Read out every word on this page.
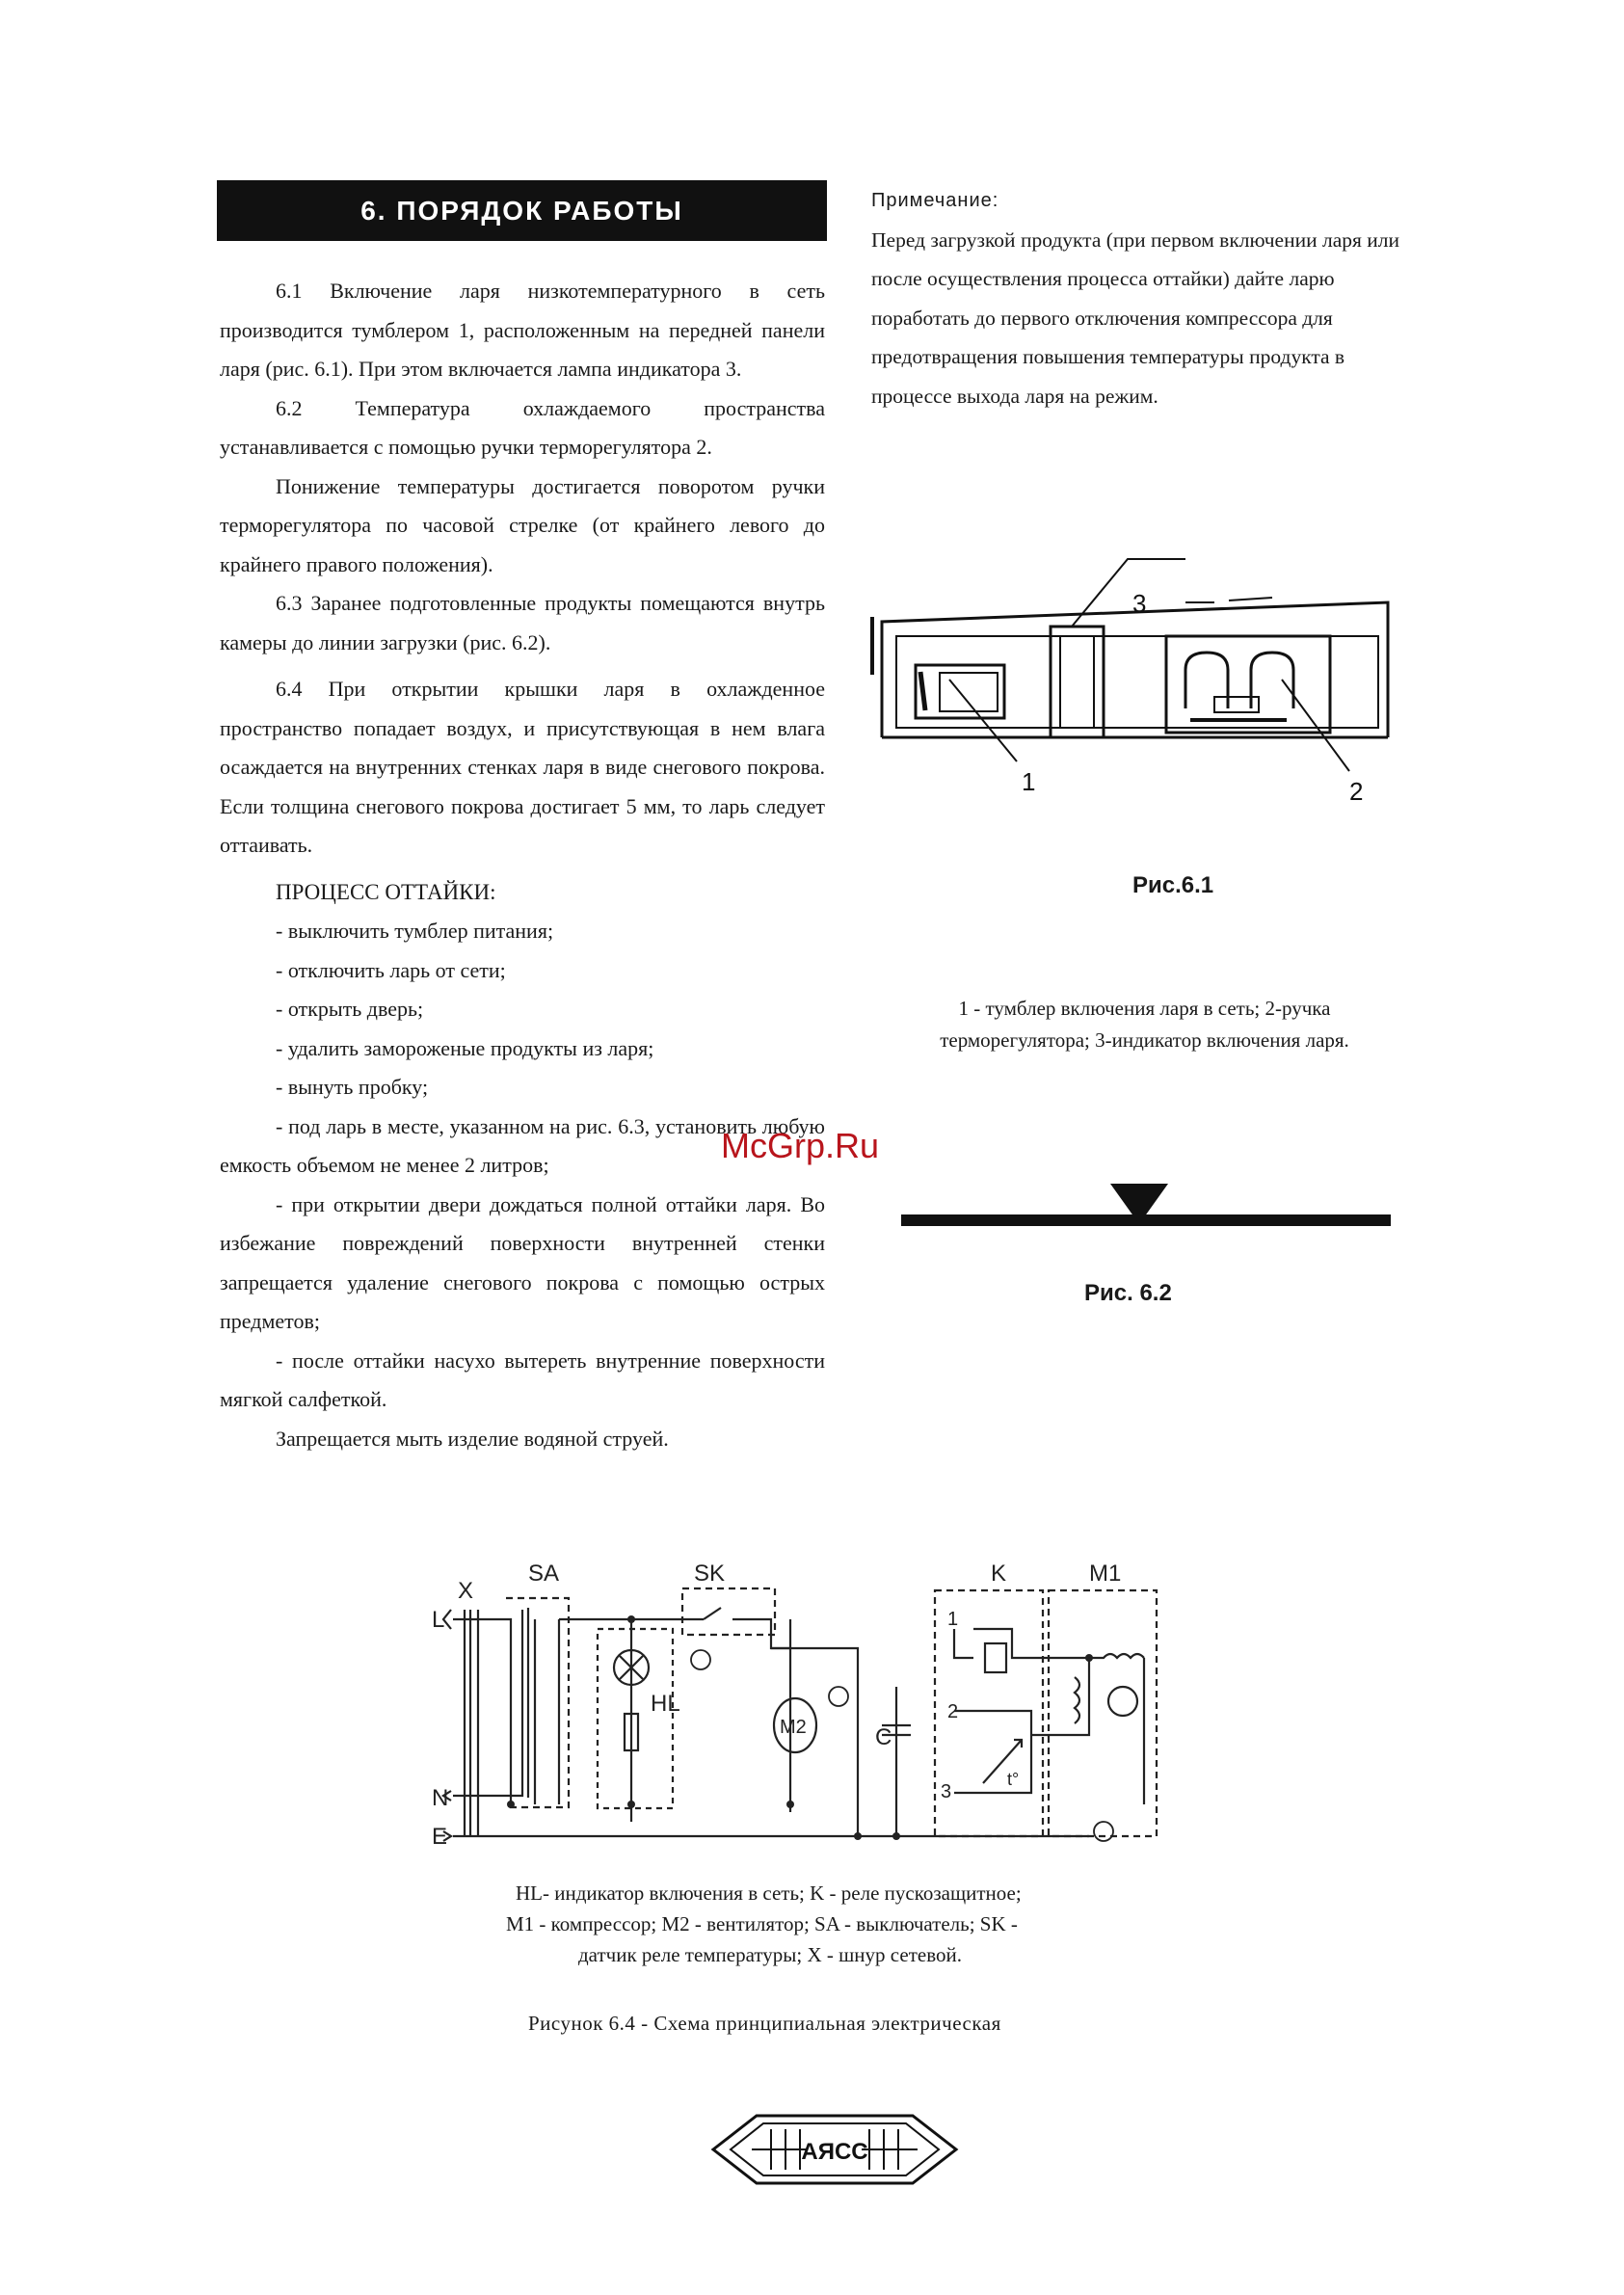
6. ПОРЯДОК РАБОТЫ

6.1 Включение ларя низкотемпературного в сеть производится тумблером 1, расположенным на передней панели ларя (рис. 6.1). При этом включается лампа индикатора 3.

6.2 Температура охлаждаемого пространства устанавливается с помощью ручки терморегулятора 2.

Понижение температуры достигается поворотом ручки терморегулятора по часовой стрелке (от крайнего левого до крайнего правого положения).

6.3 Заранее подготовленные продукты помещаются внутрь камеры до линии загрузки (рис. 6.2).

6.4 При открытии крышки ларя в охлажденное пространство попадает воздух, и присутствующая в нем влага осаждается на внутренних стенках ларя в виде снегового покрова. Если толщина снегового покрова достигает 5 мм, то ларь следует оттаивать.

ПРОЦЕСС ОТТАЙКИ:

- выключить тумблер питания;

- отключить ларь от сети;

- открыть дверь;

- удалить замороженые продукты из ларя;

- вынуть пробку;

- под ларь в месте, указанном на рис. 6.3, установить любую емкость объемом не менее 2 литров;

- при открытии двери дождаться полной оттайки ларя. Во избежание повреждений поверхности внутренней стенки запрещается удаление снегового покрова с помощью острых предметов;

- после оттайки насухо вытереть внутренние поверхности мягкой салфеткой.

Запрещается мыть изделие водяной струей.

Примечание:

Перед загрузкой продукта (при первом включении ларя или после осуществления процесса оттайки) дайте ларю поработать до первого отключения компрессора для предотвращения повышения температуры продукта в процессе выхода ларя на режим.

3
1	2
Рис.6.1
1 - тумблер включения ларя в сеть; 2-ручка
терморегулятора; 3-индикатор включения ларя.
McGrp.Ru
Рис. 6.2
L
X
N
E
SA	SK
HL
M2	C
K	M1
1
2
3
t°
HL- индикатор включения в сеть; K - реле пускозащитное;
M1 - компрессор; M2 - вентилятор; SA - выключатель; SK -
датчик реле температуры; X - шнур сетевой.
Рисунок 6.4 - Схема принципиальная электрическая
АЯСС
